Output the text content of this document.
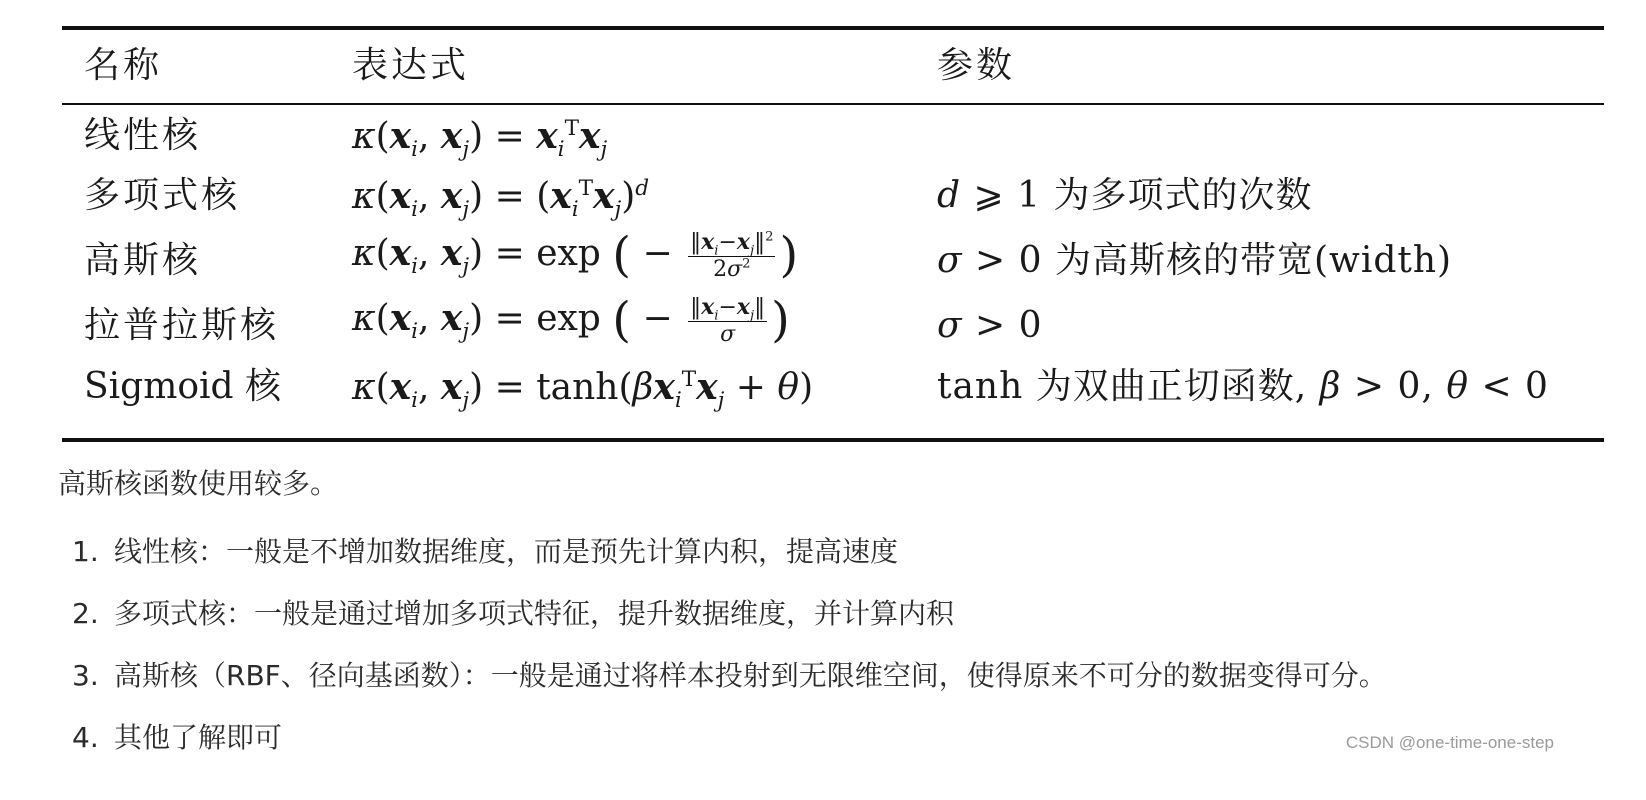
名称	表达式	参数
线性核	$\kappa(x_i$, $x_j) = x_i^Tx_j$
多项式核	$\kappa(x_i$, $x_j) = (x_i^Tx_j)^d$	d ⩾ 1 为多项式的次数
高斯核	$\kappa(x_i$, $x_j) = \exp$ ( − $\frac{‖x_i-x_j‖^2}{2\sigma^2}$ )	σ > 0 为高斯核的带宽(width)
拉普拉斯核 $\kappa(x_i$, $x_j) = \exp$ ( − $\frac{‖x_i-x_j‖}{\sigma}$ )	σ > 0
Sigmoid 核 $\kappa(x_i$, $x_j) = \tanh(\beta x_i^Tx_j + \theta)$	tanh 为双曲正切函数, β > 0, θ < 0
高斯核函数使用较多。
1. 线性核：一般是不增加数据维度，而是预先计算内积，提高速度
2. 多项式核：一般是通过增加多项式特征，提升数据维度，并计算内积
3. 高斯核（RBF、径向基函数）：一般是通过将样本投射到无限维空间，使得原来不可分的数据变得可分。
4. 其他了解即可	CSDN @one-time-one-step
